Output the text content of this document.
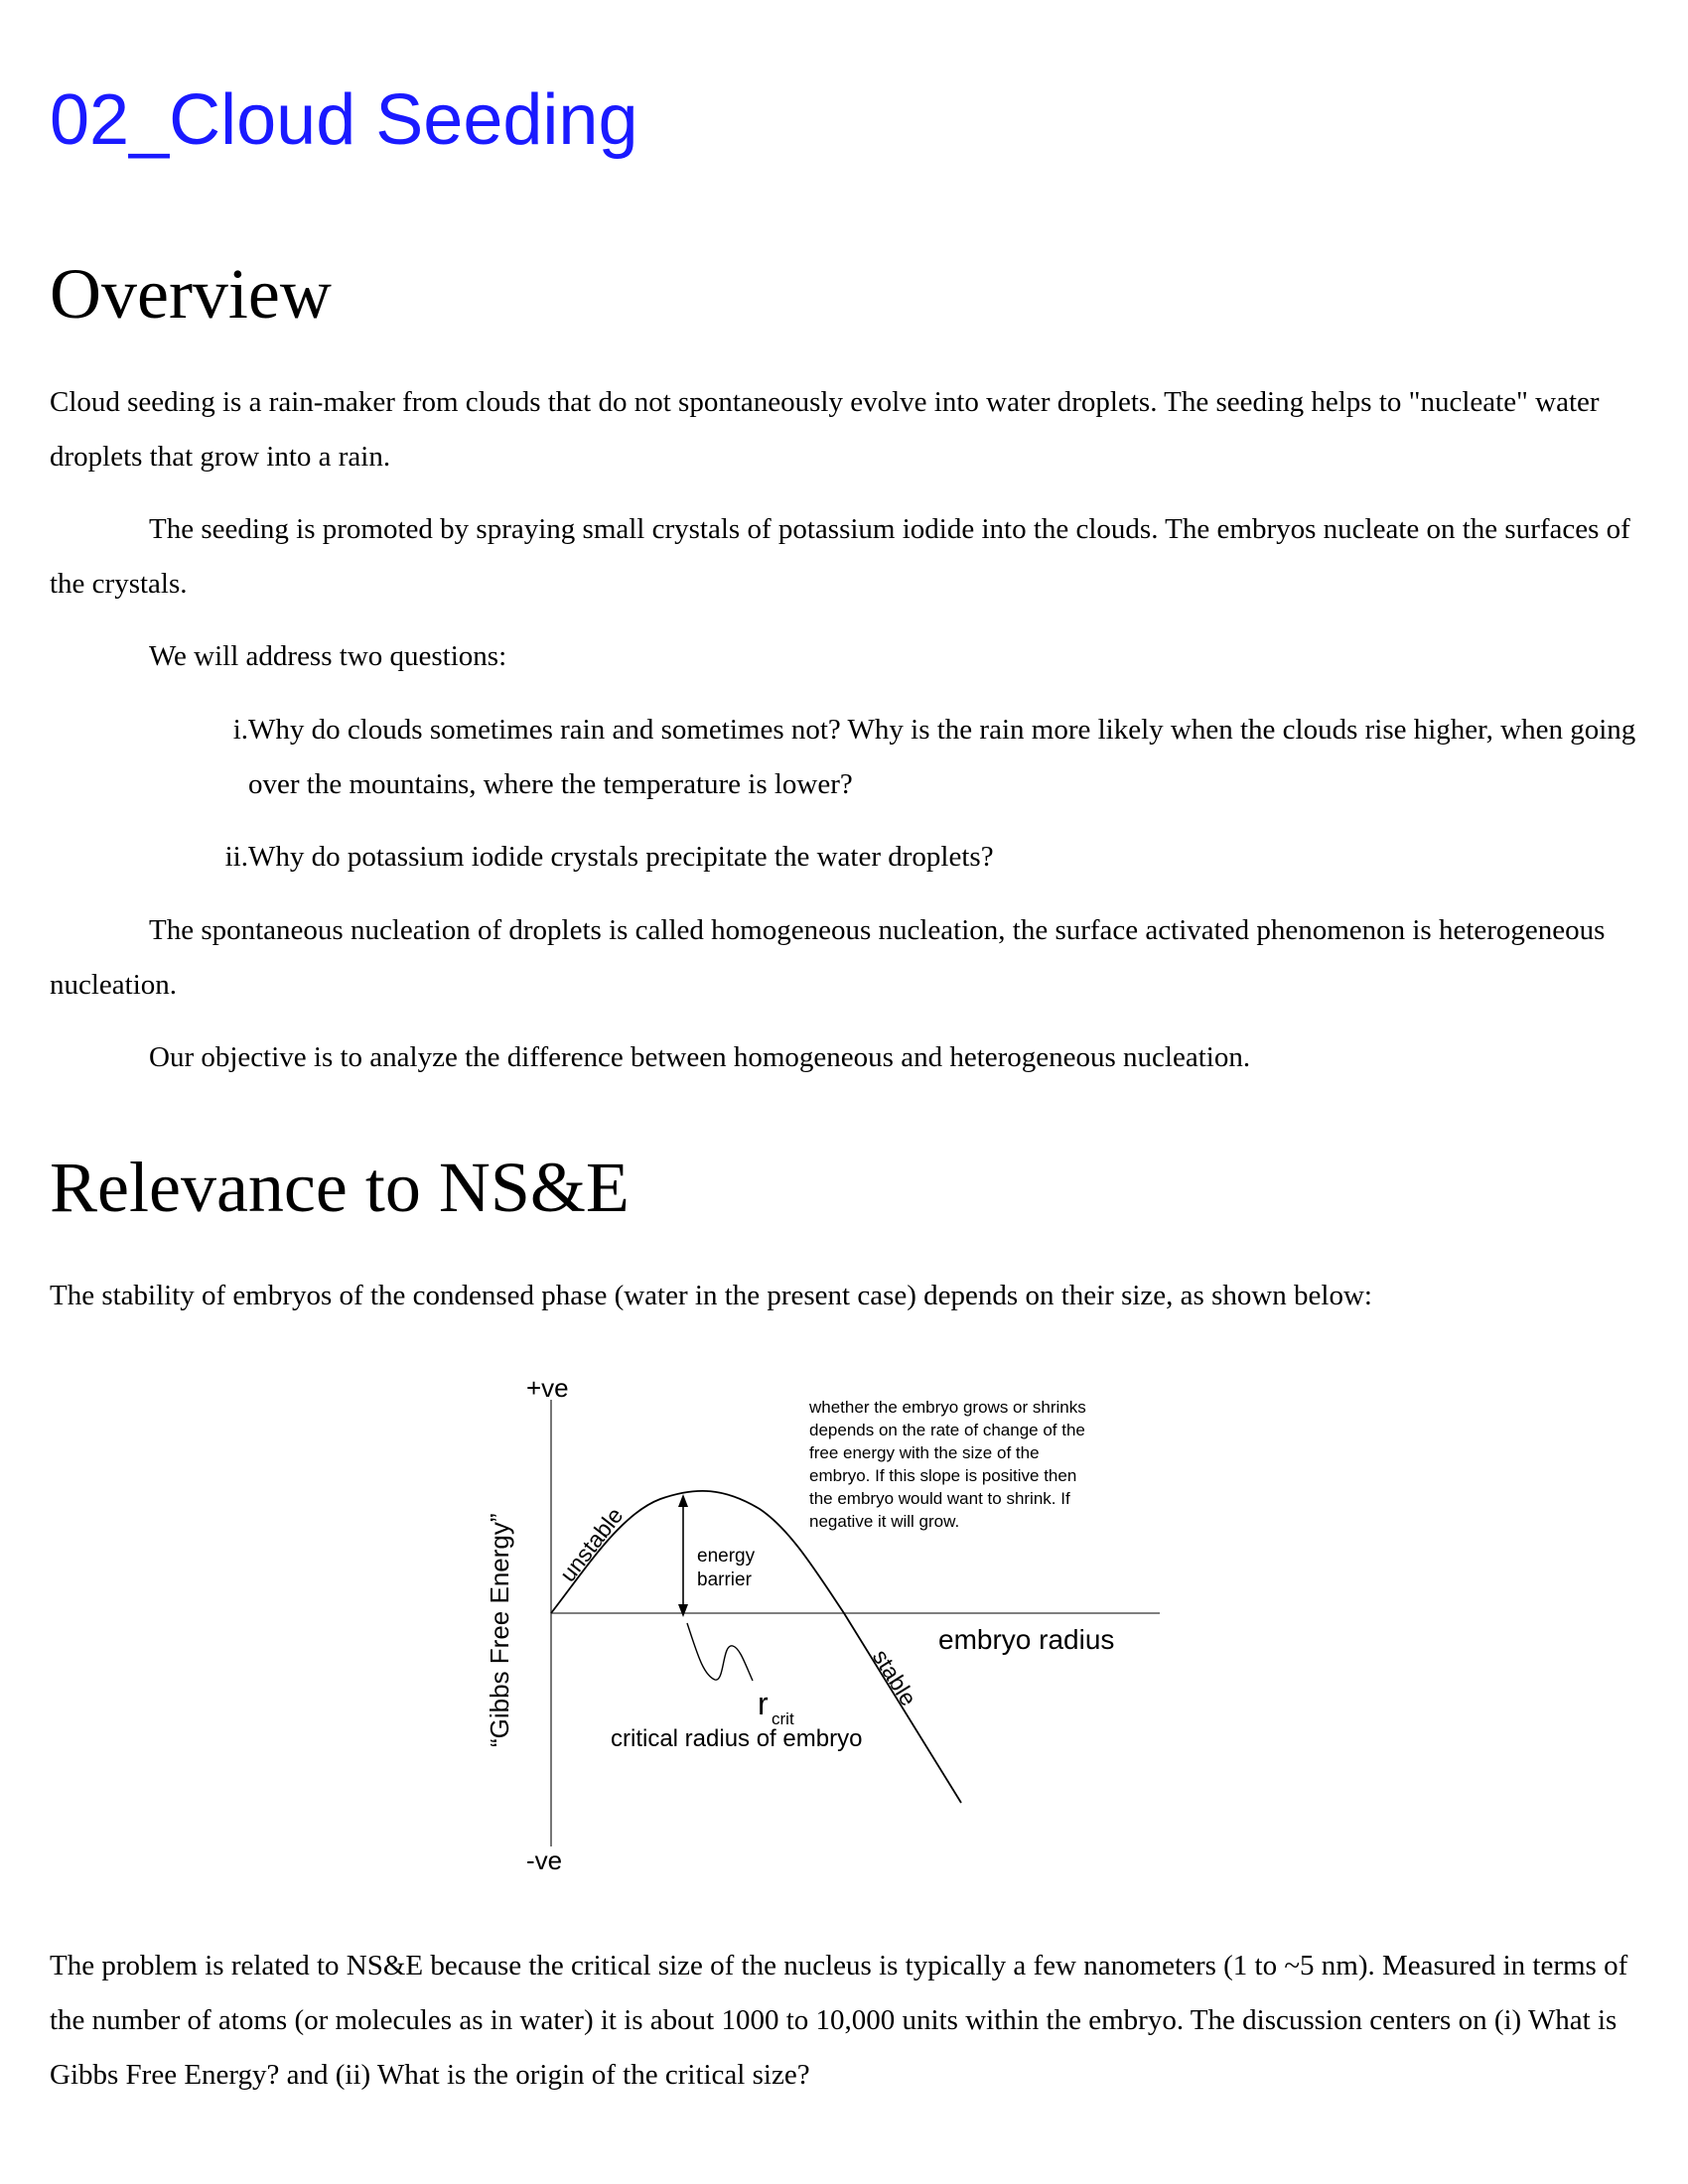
02_Cloud Seeding
Overview

Cloud seeding is a rain-maker from clouds that do not spontaneously evolve into water droplets. The seeding helps to "nucleate" water droplets that grow into a rain.

The seeding is promoted by spraying small crystals of potassium iodide into the clouds. The embryos nucleate on the surfaces of the crystals.

We will address two questions:

i. Why do clouds sometimes rain and sometimes not? Why is the rain more likely when the clouds rise higher, when going over the mountains, where the temperature is lower?
ii. Why do potassium iodide crystals precipitate the water droplets?

The spontaneous nucleation of droplets is called homogeneous nucleation, the surface activated phenomenon is heterogeneous nucleation.

Our objective is to analyze the difference between homogeneous and heterogeneous nucleation.

Relevance to NS&E

The stability of embryos of the condensed phase (water in the present case) depends on their size, as shown below:

The problem is related to NS&E because the critical size of the nucleus is typically a few nanometers (1 to ~5 nm). Measured in terms of the number of atoms (or molecules as in water) it is about 1000 to 10,000 units within the embryo. The discussion centers on (i) What is Gibbs Free Energy? and (ii) What is the origin of the critical size?

+ve
-ve
“Gibbs Free Energy”	embryo radius
unstable
stable
energy
barrier
r crit
critical radius of embryo
whether the embryo grows or shrinks depends on the rate of change of the free energy with the size of the embryo. If this slope is positive then the embryo would want to shrink. If negative it will grow.
